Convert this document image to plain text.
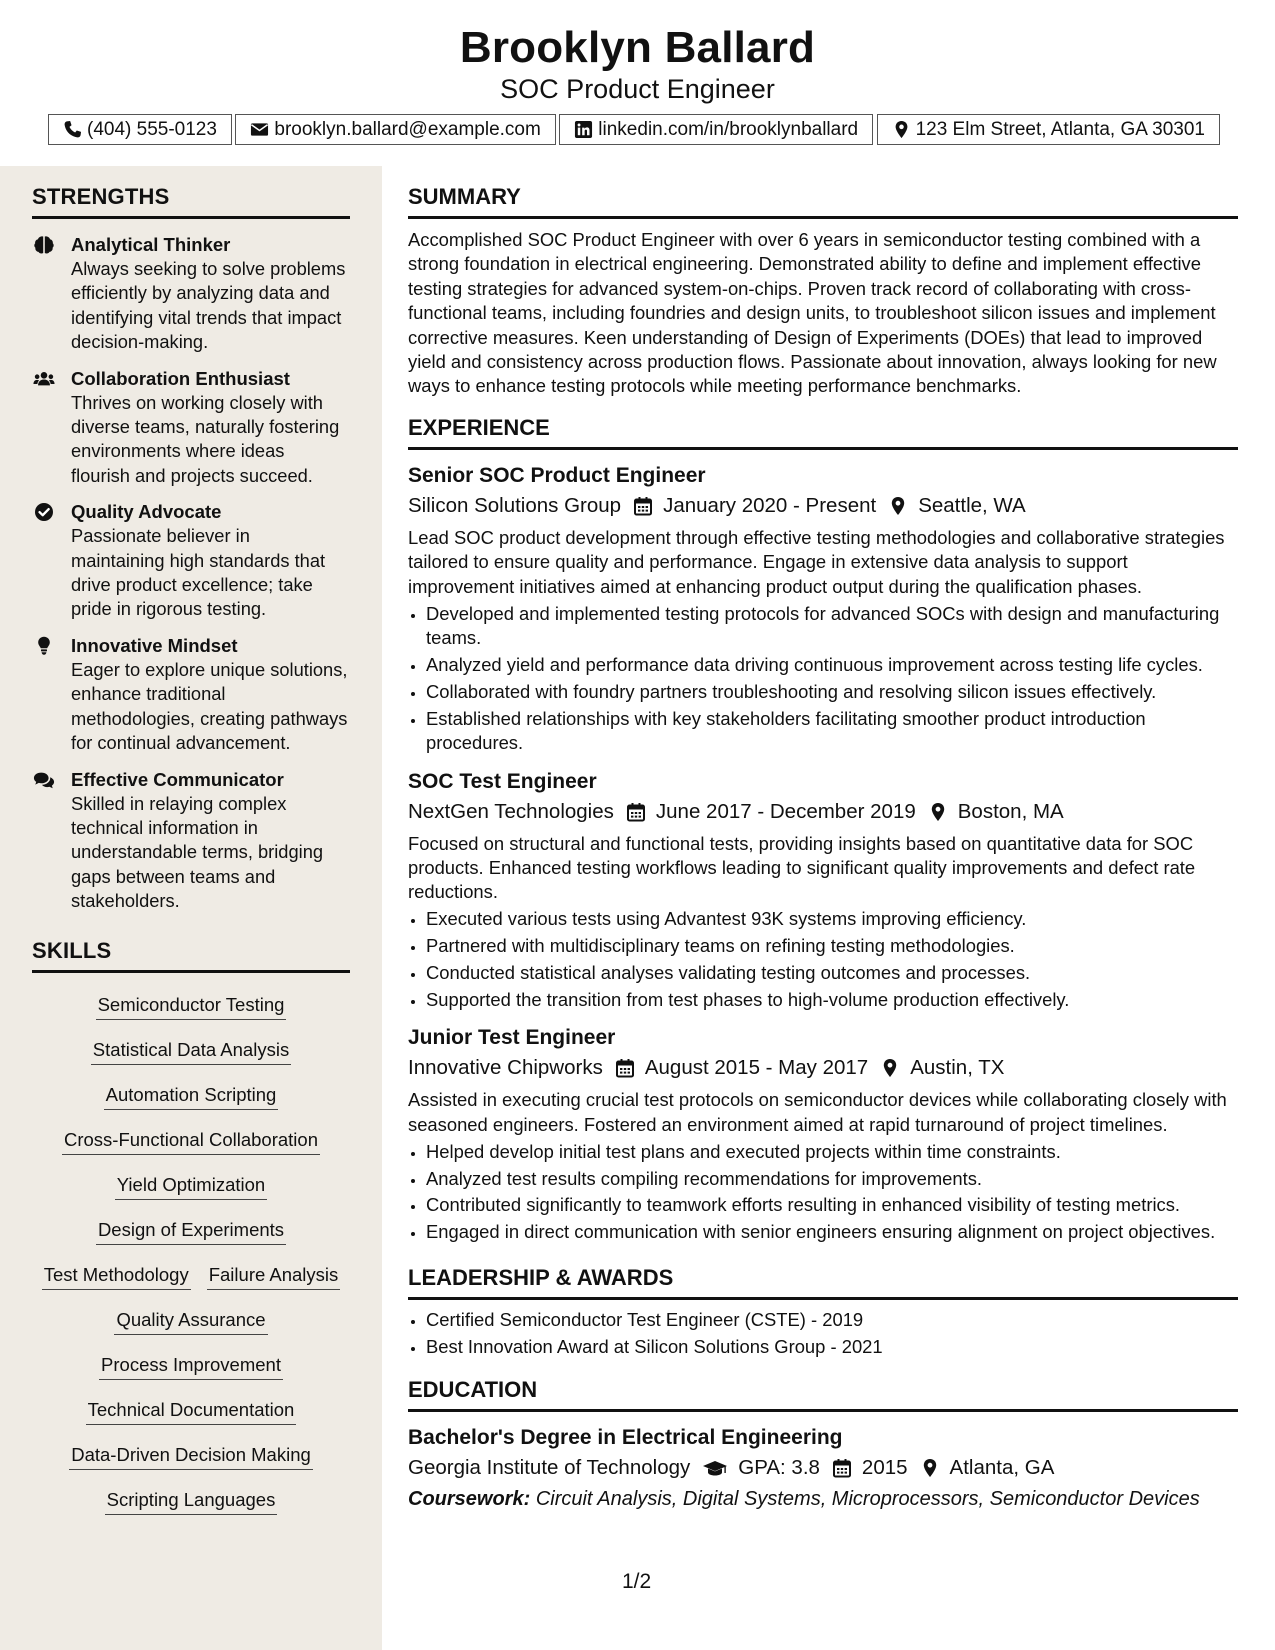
Brooklyn Ballard
SOC Product Engineer
(404) 555-0123	brooklyn.ballard@example.com	linkedin.com/in/brooklynballard	123 Elm Street, Atlanta, GA 30301
STRENGTHS
Analytical Thinker
Always seeking to solve problems efficiently by analyzing data and identifying vital trends that impact decision-making.
Collaboration Enthusiast
Thrives on working closely with diverse teams, naturally fostering environments where ideas flourish and projects succeed.
Quality Advocate
Passionate believer in maintaining high standards that drive product excellence; take pride in rigorous testing.
Innovative Mindset
Eager to explore unique solutions, enhance traditional methodologies, creating pathways for continual advancement.
Effective Communicator
Skilled in relaying complex technical information in understandable terms, bridging gaps between teams and stakeholders.
SKILLS
Semiconductor Testing
Statistical Data Analysis
Automation Scripting
Cross-Functional Collaboration
Yield Optimization
Design of Experiments
Test Methodology Failure Analysis
Quality Assurance
Process Improvement
Technical Documentation
Data-Driven Decision Making
Scripting Languages
SUMMARY
Accomplished SOC Product Engineer with over 6 years in semiconductor testing combined with a strong foundation in electrical engineering. Demonstrated ability to define and implement effective testing strategies for advanced system-on-chips. Proven track record of collaborating with cross-functional teams, including foundries and design units, to troubleshoot silicon issues and implement corrective measures. Keen understanding of Design of Experiments (DOEs) that lead to improved yield and consistency across production flows. Passionate about innovation, always looking for new ways to enhance testing protocols while meeting performance benchmarks.
EXPERIENCE
Senior SOC Product Engineer
Silicon Solutions Group January 2020 - Present Seattle, WA
Lead SOC product development through effective testing methodologies and collaborative strategies tailored to ensure quality and performance. Engage in extensive data analysis to support improvement initiatives aimed at enhancing product output during the qualification phases.
• Developed and implemented testing protocols for advanced SOCs with design and manufacturing teams.
• Analyzed yield and performance data driving continuous improvement across testing life cycles.
• Collaborated with foundry partners troubleshooting and resolving silicon issues effectively.
• Established relationships with key stakeholders facilitating smoother product introduction procedures.
SOC Test Engineer
NextGen Technologies June 2017 - December 2019 Boston, MA
Focused on structural and functional tests, providing insights based on quantitative data for SOC products. Enhanced testing workflows leading to significant quality improvements and defect rate reductions.
• Executed various tests using Advantest 93K systems improving efficiency.
• Partnered with multidisciplinary teams on refining testing methodologies.
• Conducted statistical analyses validating testing outcomes and processes.
• Supported the transition from test phases to high-volume production effectively.
Junior Test Engineer
Innovative Chipworks August 2015 - May 2017 Austin, TX
Assisted in executing crucial test protocols on semiconductor devices while collaborating closely with seasoned engineers. Fostered an environment aimed at rapid turnaround of project timelines.
• Helped develop initial test plans and executed projects within time constraints.
• Analyzed test results compiling recommendations for improvements.
• Contributed significantly to teamwork efforts resulting in enhanced visibility of testing metrics.
• Engaged in direct communication with senior engineers ensuring alignment on project objectives.
LEADERSHIP & AWARDS
• Certified Semiconductor Test Engineer (CSTE) - 2019
• Best Innovation Award at Silicon Solutions Group - 2021
EDUCATION
Bachelor's Degree in Electrical Engineering
Georgia Institute of Technology GPA: 3.8 2015 Atlanta, GA
Coursework: Circuit Analysis, Digital Systems, Microprocessors, Semiconductor Devices
1/2
